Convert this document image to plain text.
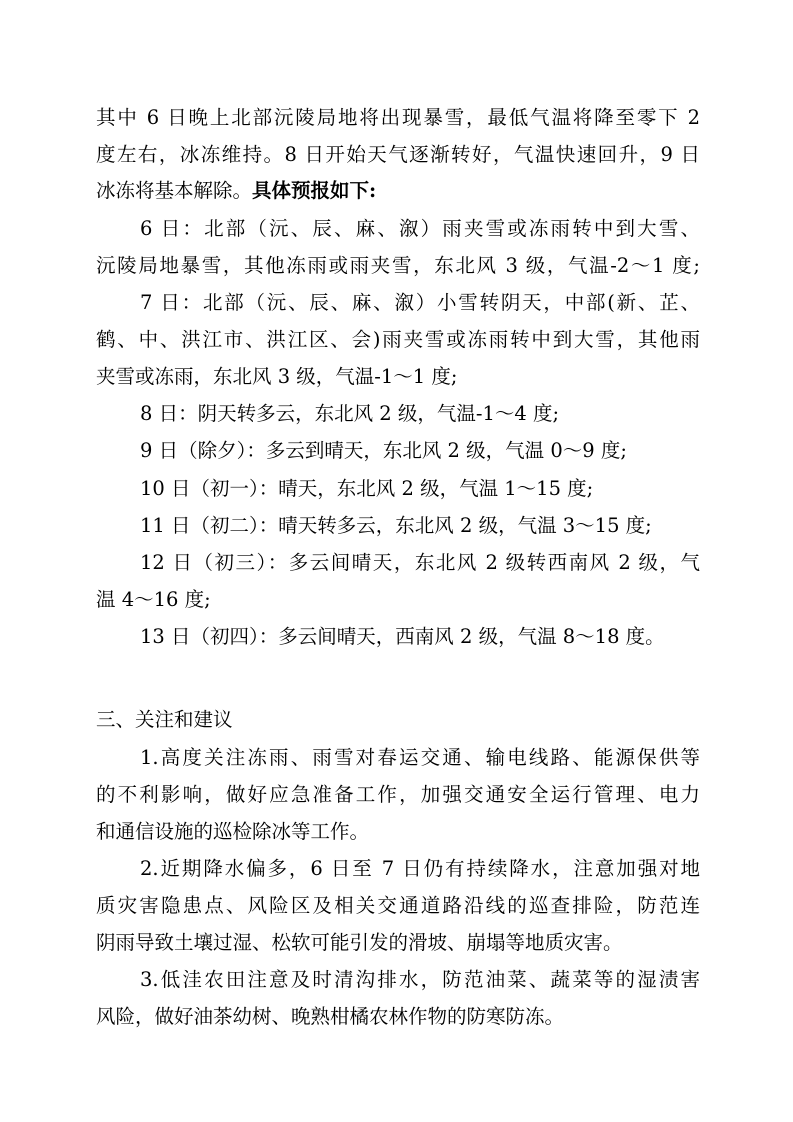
其中 6 日晚上北部沅陵局地将出现暴雪，最低气温将降至零下 2
度左右，冰冻维持。8 日开始天气逐渐转好，气温快速回升，9 日
冰冻将基本解除。具体预报如下:
6 日：北部（沅、辰、麻、溆）雨夹雪或冻雨转中到大雪、
沅陵局地暴雪，其他冻雨或雨夹雪，东北风 3 级，气温-2～1 度;
7 日：北部（沅、辰、麻、溆）小雪转阴天，中部(新、芷、
鹤、中、洪江市、洪江区、会)雨夹雪或冻雨转中到大雪，其他雨
夹雪或冻雨，东北风 3 级，气温-1～1 度;
8 日：阴天转多云，东北风 2 级，气温-1～4 度;
9 日（除夕）：多云到晴天，东北风 2 级，气温 0～9 度;
10 日（初一）：晴天，东北风 2 级，气温 1～15 度;
11 日（初二）：晴天转多云，东北风 2 级，气温 3～15 度;
12 日（初三）：多云间晴天，东北风 2 级转西南风 2 级，气
温 4～16 度;
13 日（初四）：多云间晴天，西南风 2 级，气温 8～18 度。
三、关注和建议
1.高度关注冻雨、雨雪对春运交通、输电线路、能源保供等
的不利影响，做好应急准备工作，加强交通安全运行管理、电力
和通信设施的巡检除冰等工作。
2.近期降水偏多，6 日至 7 日仍有持续降水，注意加强对地
质灾害隐患点、风险区及相关交通道路沿线的巡查排险，防范连
阴雨导致土壤过湿、松软可能引发的滑坡、崩塌等地质灾害。
3.低洼农田注意及时清沟排水，防范油菜、蔬菜等的湿渍害
风险，做好油茶幼树、晚熟柑橘农林作物的防寒防冻。
